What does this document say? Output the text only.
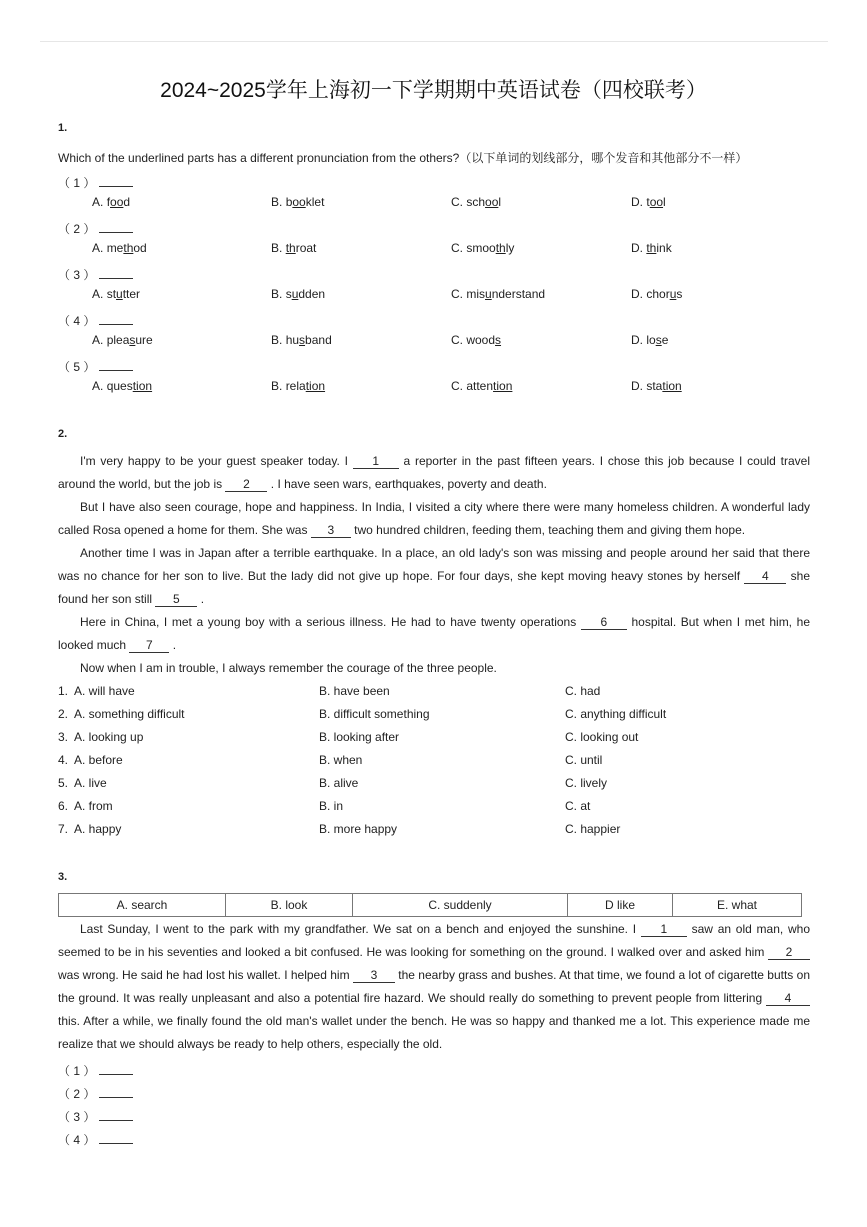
2024~2025学年上海初一下学期期中英语试卷（四校联考）
1.
Which of the underlined parts has a different pronunciation from the others?（以下单词的划线部分，哪个发音和其他部分不一样）
（ 1 ）
A. food	B. booklet	C. school	D. tool
（ 2 ）
A. method	B. throat	C. smoothly	D. think
（ 3 ）
A. stutter	B. sudden	C. misunderstand	D. chorus
（ 4 ）
A. pleasure	B. husband	C. woods	D. lose
（ 5 ）
A. question	B. relation	C. attention	D. station
2.
I'm very happy to be your guest speaker today. I 1 a reporter in the past fifteen years. I chose this job because I could travel around the world, but the job is 2 . I have seen wars, earthquakes, poverty and death.
But I have also seen courage, hope and happiness. In India, I visited a city where there were many homeless children. A wonderful lady called Rosa opened a home for them. She was 3 two hundred children, feeding them, teaching them and giving them hope.
Another time I was in Japan after a terrible earthquake. In a place, an old lady's son was missing and people around her said that there was no chance for her son to live. But the lady did not give up hope. For four days, she kept moving heavy stones by herself 4 she found her son still 5 .
Here in China, I met a young boy with a serious illness. He had to have twenty operations 6 hospital. But when I met him, he looked much 7 .
Now when I am in trouble, I always remember the courage of the three people.
1. A. will have	B. have been	C. had
2. A. something difficult	B. difficult something	C. anything difficult
3. A. looking up	B. looking after	C. looking out
4. A. before	B. when	C. until
5. A. live	B. alive	C. lively
6. A. from	B. in	C. at
7. A. happy	B. more happy	C. happier
3.
A. search	B. look	C. suddenly	D like	E. what
Last Sunday, I went to the park with my grandfather. We sat on a bench and enjoyed the sunshine. I 1 saw an old man, who seemed to be in his seventies and looked a bit confused. He was looking for something on the ground. I walked over and asked him 2 was wrong. He said he had lost his wallet. I helped him 3 the nearby grass and bushes. At that time, we found a lot of cigarette butts on the ground. It was really unpleasant and also a potential fire hazard. We should really do something to prevent people from littering 4 this. After a while, we finally found the old man's wallet under the bench. He was so happy and thanked me a lot. This experience made me realize that we should always be ready to help others, especially the old.
（ 1 ）
（ 2 ）
（ 3 ）
（ 4 ）
